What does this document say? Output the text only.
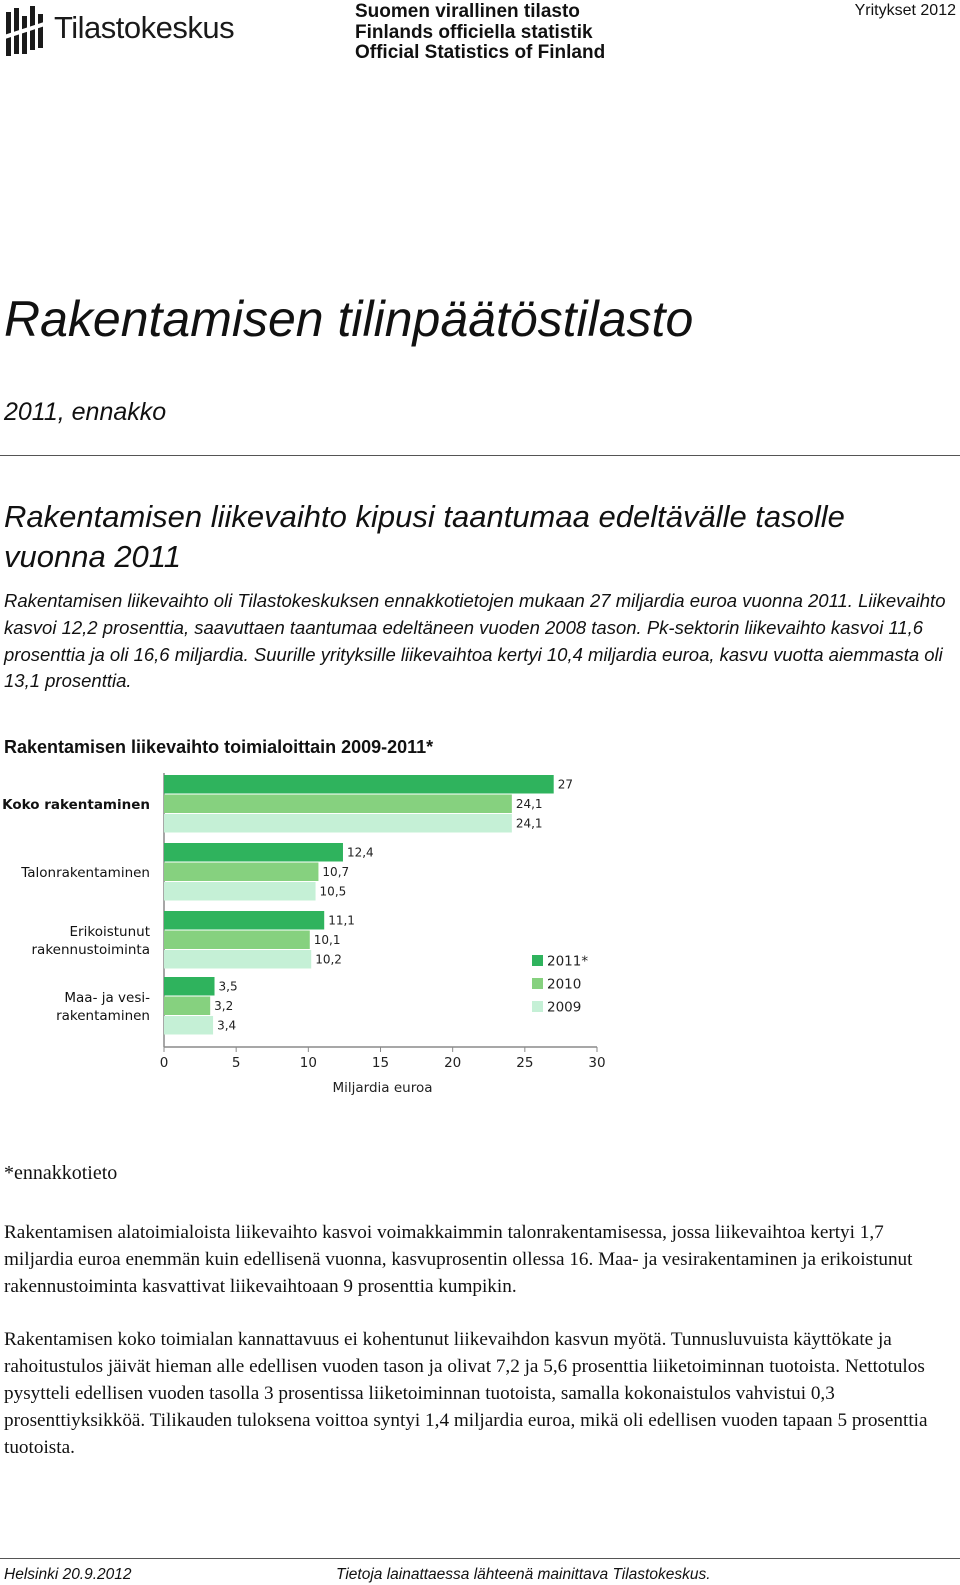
Tilastokeskus	Suomen virallinen tilasto
Finlands officiella statistik
Official Statistics of Finland
Yritykset 2012
Rakentamisen tilinpäätöstilasto
2011, ennakko
Rakentamisen liikevaihto kipusi taantumaa edeltävälle tasolle vuonna 2011
Rakentamisen liikevaihto oli Tilastokeskuksen ennakkotietojen mukaan 27 miljardia euroa vuonna 2011. Liikevaihto kasvoi 12,2 prosenttia, saavuttaen taantumaa edeltäneen vuoden 2008 tason. Pk-sektorin liikevaihto kasvoi 11,6 prosenttia ja oli 16,6 miljardia. Suurille yrityksille liikevaihtoa kertyi 10,4 miljardia euroa, kasvu vuotta aiemmasta oli 13,1 prosenttia.
Rakentamisen liikevaihto toimialoittain 2009-2011*
0	5	10	15	20	25	30
Miljardia euroa
27
12,4
11,1
3,5
24,1
10,7
10,1
3,2
24,1
10,5
10,2
3,4
Koko rakentaminen
Talonrakentaminen
Erikoistunut
rakennustoiminta
Maa- ja vesi-
rakentaminen
2011*
2010
2009
*ennakkotieto
Rakentamisen alatoimialoista liikevaihto kasvoi voimakkaimmin talonrakentamisessa, jossa liikevaihtoa kertyi 1,7 miljardia euroa enemmän kuin edellisenä vuonna, kasvuprosentin ollessa 16. Maa- ja vesirakentaminen ja erikoistunut rakennustoiminta kasvattivat liikevaihtoaan 9 prosenttia kumpikin.
Rakentamisen koko toimialan kannattavuus ei kohentunut liikevaihdon kasvun myötä. Tunnusluvuista käyttökate ja rahoitustulos jäivät hieman alle edellisen vuoden tason ja olivat 7,2 ja 5,6 prosenttia liiketoiminnan tuotoista. Nettotulos pysytteli edellisen vuoden tasolla 3 prosentissa liiketoiminnan tuotoista, samalla kokonaistulos vahvistui 0,3 prosenttiyksikköä. Tilikauden tuloksena voittoa syntyi 1,4 miljardia euroa, mikä oli edellisen vuoden tapaan 5 prosenttia tuotoista.
Helsinki 20.9.2012	Tietoja lainattaessa lähteenä mainittava Tilastokeskus.
